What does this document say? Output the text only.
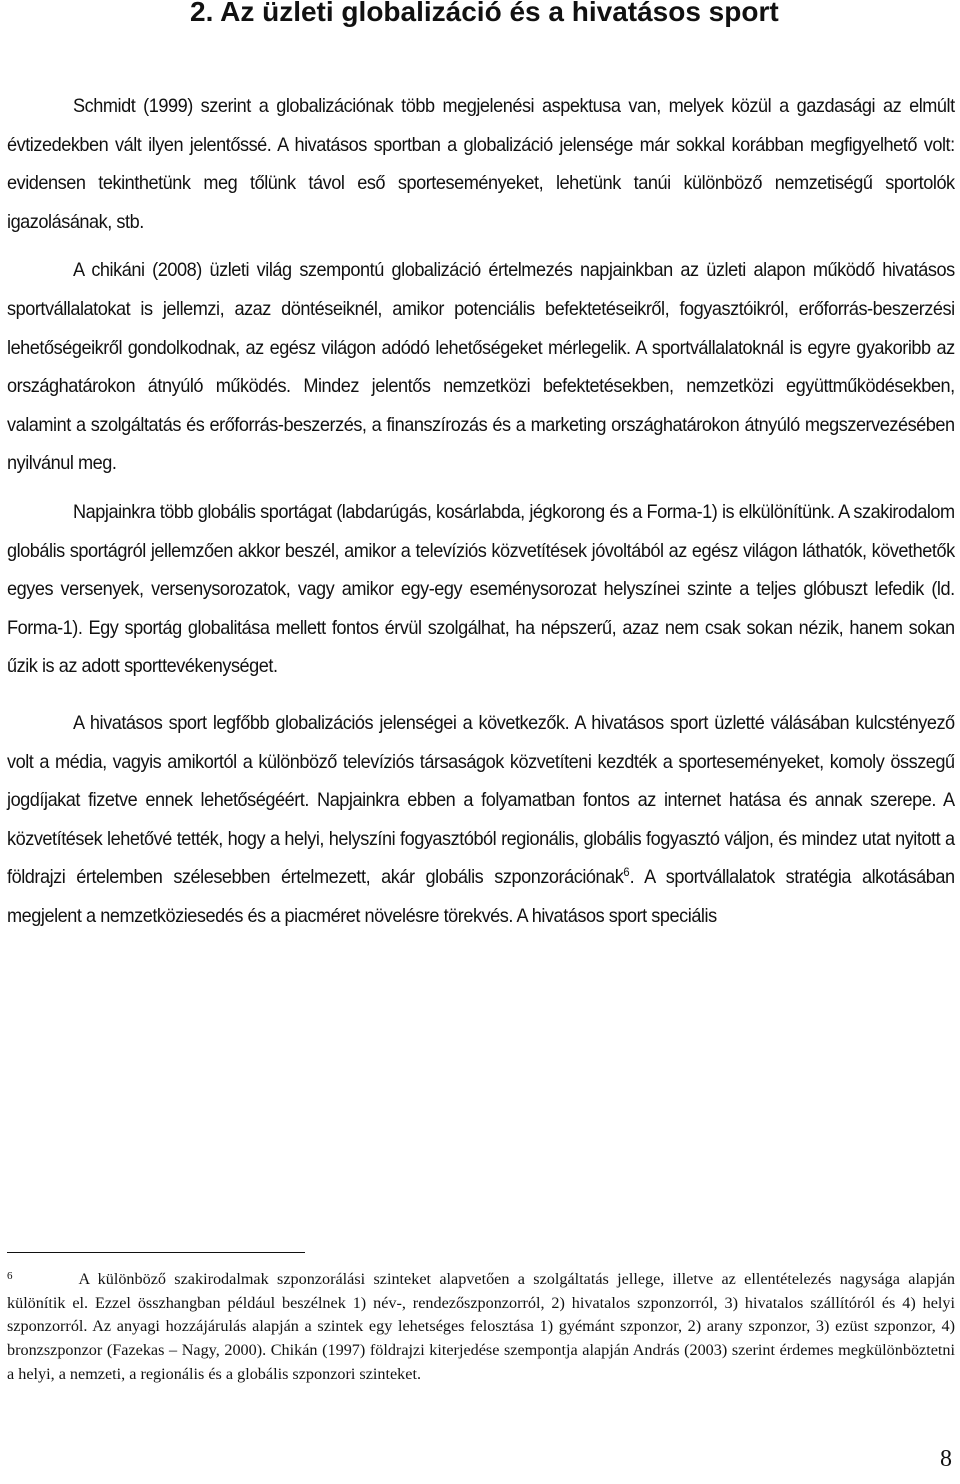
2. Az üzleti globalizáció és a hivatásos sport

Schmidt (1999) szerint a globalizációnak több megjelenési aspektusa van, melyek közül a gazdasági az elmúlt évtizedekben vált ilyen jelentőssé. A hivatásos sportban a globalizáció jelensége már sokkal korábban megfigyelhető volt: evidensen tekinthetünk meg tőlünk távol eső sporteseményeket, lehetünk tanúi különböző nemzetiségű sportolók igazolásának, stb.

A chikáni (2008) üzleti világ szempontú globalizáció értelmezés napjainkban az üzleti alapon működő hivatásos sportvállalatokat is jellemzi, azaz döntéseiknél, amikor potenciális befektetéseikről, fogyasztóikról, erőforrás-beszerzési lehetőségeikről gondolkodnak, az egész világon adódó lehetőségeket mérlegelik. A sportvállalatoknál is egyre gyakoribb az országhatárokon átnyúló működés. Mindez jelentős nemzetközi befektetésekben, nemzetközi együttműködésekben, valamint a szolgáltatás és erőforrás-beszerzés, a finanszírozás és a marketing országhatárokon átnyúló megszervezésében nyilvánul meg.

Napjainkra több globális sportágat (labdarúgás, kosárlabda, jégkorong és a Forma-1) is elkülönítünk. A szakirodalom globális sportágról jellemzően akkor beszél, amikor a televíziós közvetítések jóvoltából az egész világon láthatók, követhetők egyes versenyek, versenysorozatok, vagy amikor egy-egy eseménysorozat helyszínei szinte a teljes glóbuszt lefedik (ld. Forma-1). Egy sportág globalitása mellett fontos érvül szolgálhat, ha népszerű, azaz nem csak sokan nézik, hanem sokan űzik is az adott sporttevékenységet.

A hivatásos sport legfőbb globalizációs jelenségei a következők. A hivatásos sport üzletté válásában kulcstényező volt a média, vagyis amikortól a különböző televíziós társaságok közvetíteni kezdték a sporteseményeket, komoly összegű jogdíjakat fizetve ennek lehetőségéért. Napjainkra ebben a folyamatban fontos az internet hatása és annak szerepe. A közvetítések lehetővé tették, hogy a helyi, helyszíni fogyasztóból regionális, globális fogyasztó váljon, és mindez utat nyitott a földrajzi értelemben szélesebben értelmezett, akár globális szponzorációnak$^6$. A sportvállalatok stratégia alkotásában megjelent a nemzetköziesedés és a piacméret növelésre törekvés. A hivatásos sport speciális

$^6$	A különböző szakirodalmak szponzorálási szinteket alapvetően a szolgáltatás jellege, illetve az ellentételezés nagysága alapján különítik el. Ezzel összhangban például beszélnek 1) név-, rendezőszponzorról, 2) hivatalos szponzorról, 3) hivatalos szállítóról és 4) helyi szponzorról. Az anyagi hozzájárulás alapján a szintek egy lehetséges felosztása 1) gyémánt szponzor, 2) arany szponzor, 3) ezüst szponzor, 4) bronzszponzor (Fazekas – Nagy, 2000). Chikán (1997) földrajzi kiterjedése szempontja alapján András (2003) szerint érdemes megkülönböztetni a helyi, a nemzeti, a regionális és a globális szponzori szinteket.
8
